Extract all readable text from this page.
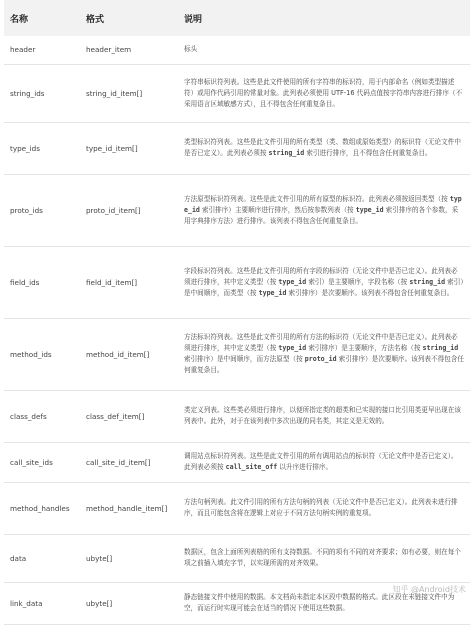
名称	格式	说明
header	header_item	标头
string_ids	string_id_item[]	字符串标识符列表。这些是此文件使用的所有字符串的标识符，用于内部命名（例如类型描述符）或用作代码引用的常量对象。此列表必须使用 UTF-16 代码点值按字符串内容进行排序（不采用语言区域敏感方式），且不得包含任何重复条目。
type_ids	type_id_item[]	类型标识符列表。这些是此文件引用的所有类型（类、数组或原始类型）的标识符（无论文件中是否已定义）。此列表必须按 string_id 索引进行排序，且不得包含任何重复条目。
proto_ids	proto_id_item[]	方法原型标识符列表。这些是此文件引用的所有原型的标识符。此列表必须按返回类型（按 type_id 索引排序）主要顺序进行排序，然后按参数列表（按 type_id 索引排序的各个参数，采用字典排序方法）进行排序。该列表不得包含任何重复条目。
field_ids	field_id_item[]	字段标识符列表。这些是此文件引用的所有字段的标识符（无论文件中是否已定义）。此列表必须进行排序，其中定义类型（按 type_id 索引）是主要顺序，字段名称（按 string_id 索引）是中间顺序，而类型（按 type_id 索引排序）是次要顺序。该列表不得包含任何重复条目。
method_ids	method_id_item[]	方法标识符列表。这些是此文件引用的所有方法的标识符（无论文件中是否已定义）。此列表必须进行排序，其中定义类型（按 type_id 索引排序）是主要顺序，方法名称（按 string_id 索引排序）是中间顺序，而方法原型（按 proto_id 索引排序）是次要顺序。该列表不得包含任何重复条目。
class_defs	class_def_item[]	类定义列表。这些类必须进行排序，以便所指定类的超类和已实现的接口比引用类更早出现在该列表中。此外，对于在该列表中多次出现的同名类，其定义是无效的。
call_site_ids	call_site_id_item[]	调用站点标识符列表。这些是此文件引用的所有调用站点的标识符（无论文件中是否已定义）。此列表必须按 call_site_off 以升序进行排序。
method_handles	method_handle_item[]	方法句柄列表。此文件引用的所有方法句柄的列表（无论文件中是否已定义）。此列表未进行排序，而且可能包含将在逻辑上对应于不同方法句柄实例的重复项。
data	ubyte[]	数据区，包含上面所列表格的所有支持数据。不同的项有不同的对齐要求；如有必要，则在每个项之前插入填充字节，以实现所需的对齐效果。
link_data	ubyte[]	静态链接文件中使用的数据。本文档尚未指定本区段中数据的格式。此区段在未链接文件中为空，而运行时实现可能会在适当的情况下使用这些数据。
知乎 @Android技术
